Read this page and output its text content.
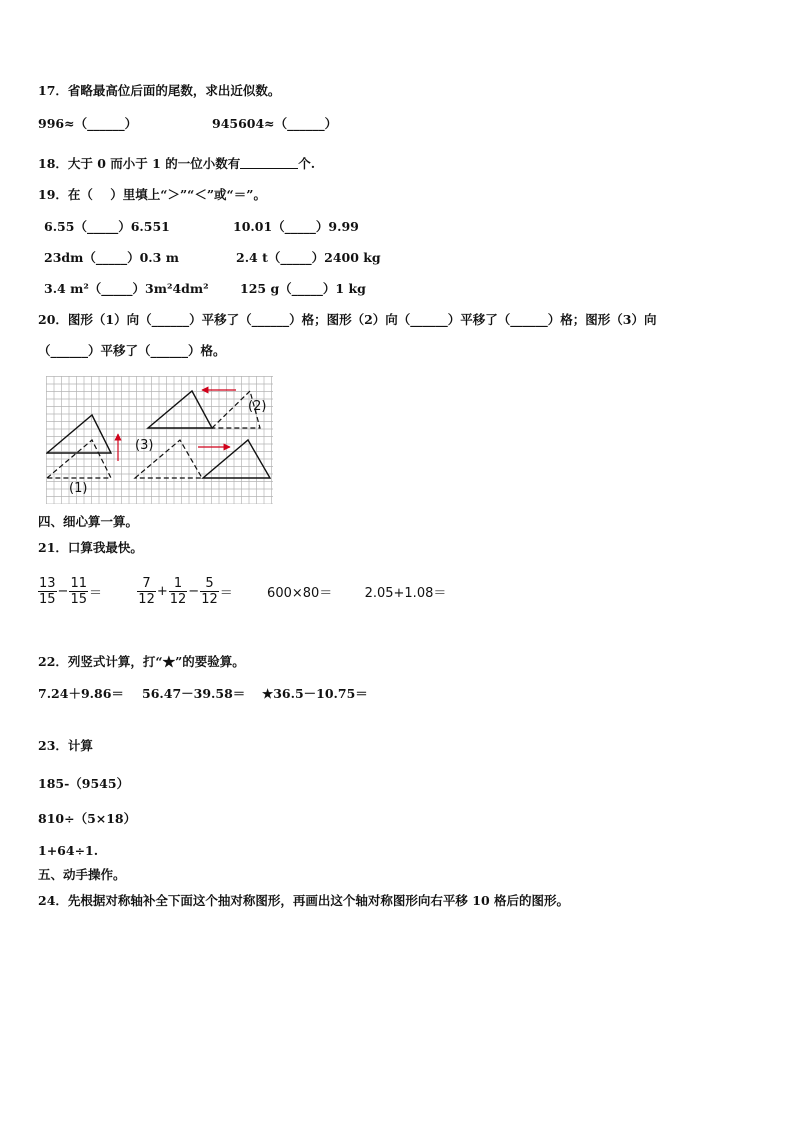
17．省略最高位后面的尾数，求出近似数。
996≈（______）	945604≈（______）
18．大于 0 而小于 1 的一位小数有	个.
19．在（    ）里填上“＞”“＜”或“＝”。
6.55（_____）6.551	10.01（_____）9.99
23dm（_____）0.3 m	2.4 t（_____）2400 kg
3.4 m²（_____）3m²4dm²	125 g（_____）1 kg
20．图形（1）向（______）平移了（______）格；图形（2）向（______）平移了（______）格；图形（3）向
（______）平移了（______）格。
(1)
(2)
(3)
四、细心算一算。
21．口算我最快。
$\frac{13}{15} - \frac{11}{15}$ ＝	$\frac{7}{12} + \frac{1}{12} - \frac{5}{12}$ ＝	600×80＝ 2.05+1.08＝
22．列竖式计算，打“★”的要验算。
7.24＋9.86＝ 56.47－39.58＝ ★36.5－10.75＝
23．计算
185-（9545）
810÷（5×18）
1+64÷1.
五、动手操作。
24．先根据对称轴补全下面这个抽对称图形，再画出这个轴对称图形向右平移 10 格后的图形。
